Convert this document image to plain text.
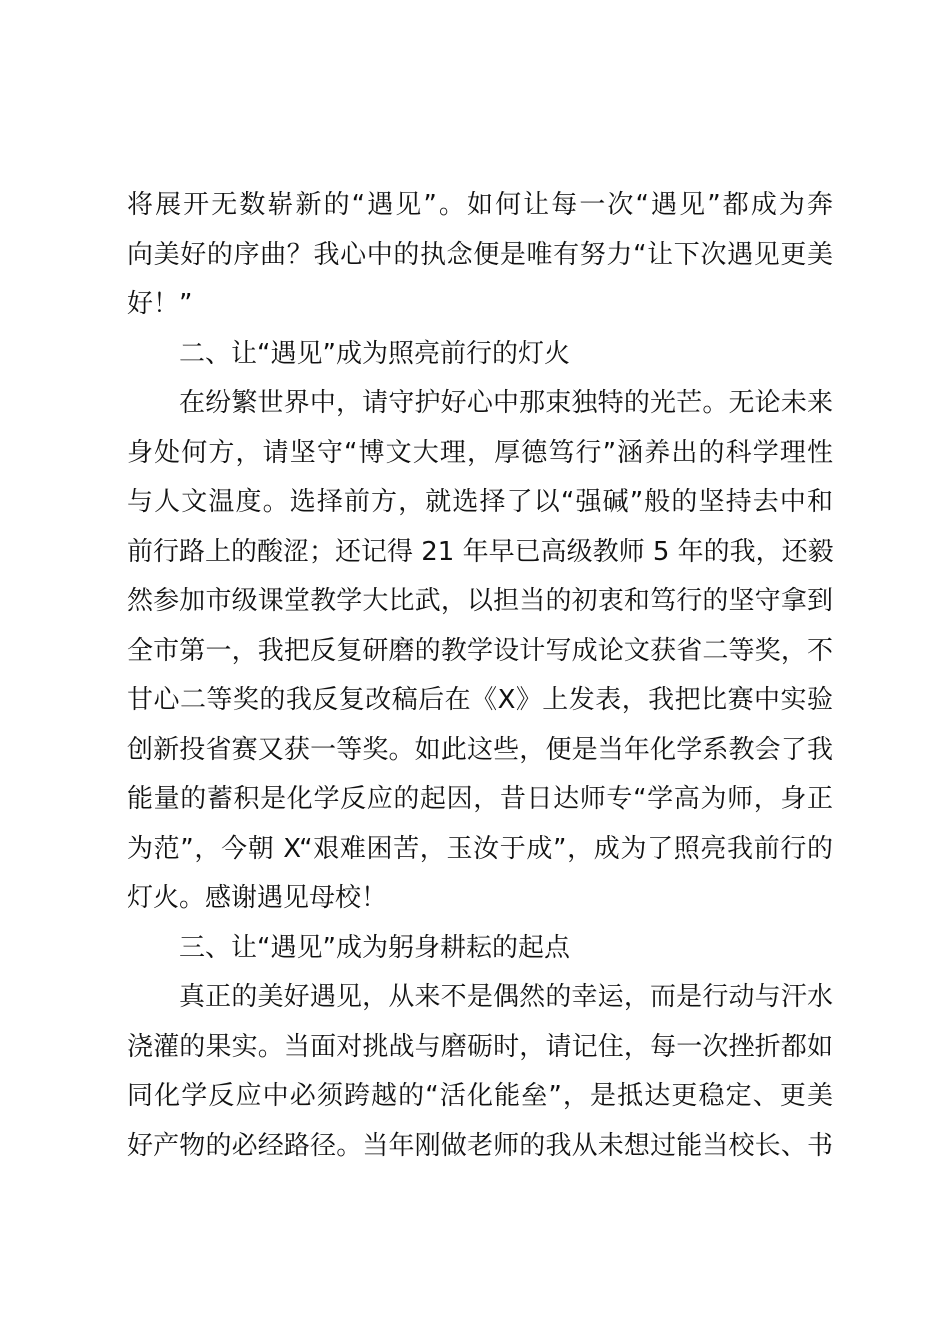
将展开无数崭新的“遇见”。如何让每一次“遇见”都成为奔
向美好的序曲？我心中的执念便是唯有努力“让下次遇见更美
好！”
二、让“遇见”成为照亮前行的灯火
在纷繁世界中，请守护好心中那束独特的光芒。无论未来
身处何方，请坚守“博文大理，厚德笃行”涵养出的科学理性
与人文温度。选择前方，就选择了以“强碱”般的坚持去中和
前行路上的酸涩；还记得 21 年早已高级教师 5 年的我，还毅
然参加市级课堂教学大比武，以担当的初衷和笃行的坚守拿到
全市第一，我把反复研磨的教学设计写成论文获省二等奖，不
甘心二等奖的我反复改稿后在《X》上发表，我把比赛中实验
创新投省赛又获一等奖。如此这些，便是当年化学系教会了我
能量的蓄积是化学反应的起因，昔日达师专“学高为师，身正
为范”，今朝 X“艰难困苦，玉汝于成”，成为了照亮我前行的
灯火。感谢遇见母校！
三、让“遇见”成为躬身耕耘的起点
真正的美好遇见，从来不是偶然的幸运，而是行动与汗水
浇灌的果实。当面对挑战与磨砺时，请记住，每一次挫折都如
同化学反应中必须跨越的“活化能垒”，是抵达更稳定、更美
好产物的必经路径。当年刚做老师的我从未想过能当校长、书
